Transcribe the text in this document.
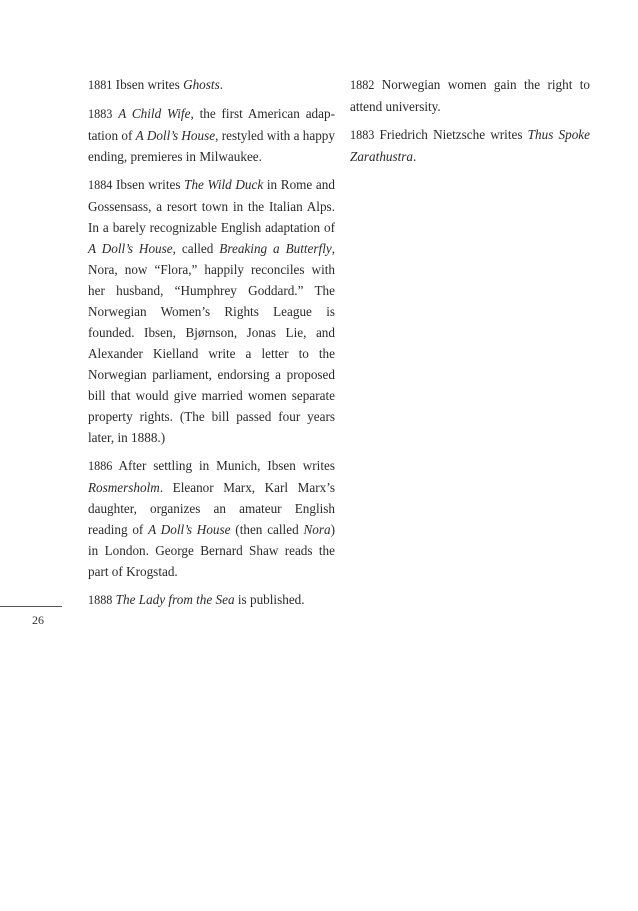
1881 Ibsen writes Ghosts.

1883 A Child Wife, the first American adaptation of A Doll’s House, restyled with a happy ending, premieres in Milwaukee.

1884 Ibsen writes The Wild Duck in Rome and Gossensass, a resort town in the Italian Alps. In a barely recognizable English adaptation of A Doll’s House, called Breaking a Butterfly, Nora, now “Flora,” happily reconciles with her husband, “Humphrey Goddard.” The Norwegian Women’s Rights League is founded. Ibsen, Bjørnson, Jonas Lie, and Alexander Kielland write a letter to the Norwegian parliament, endorsing a proposed bill that would give married women separate property rights. (The bill passed four years later, in 1888.)

1886 After settling in Munich, Ibsen writes Rosmersholm. Eleanor Marx, Karl Marx’s daughter, organizes an amateur English reading of A Doll’s House (then called Nora) in London. George Bernard Shaw reads the part of Krogstad.

1888 The Lady from the Sea is published.

1882 Norwegian women gain the right to attend university.

1883 Friedrich Nietzsche writes Thus Spoke Zarathustra.

26
